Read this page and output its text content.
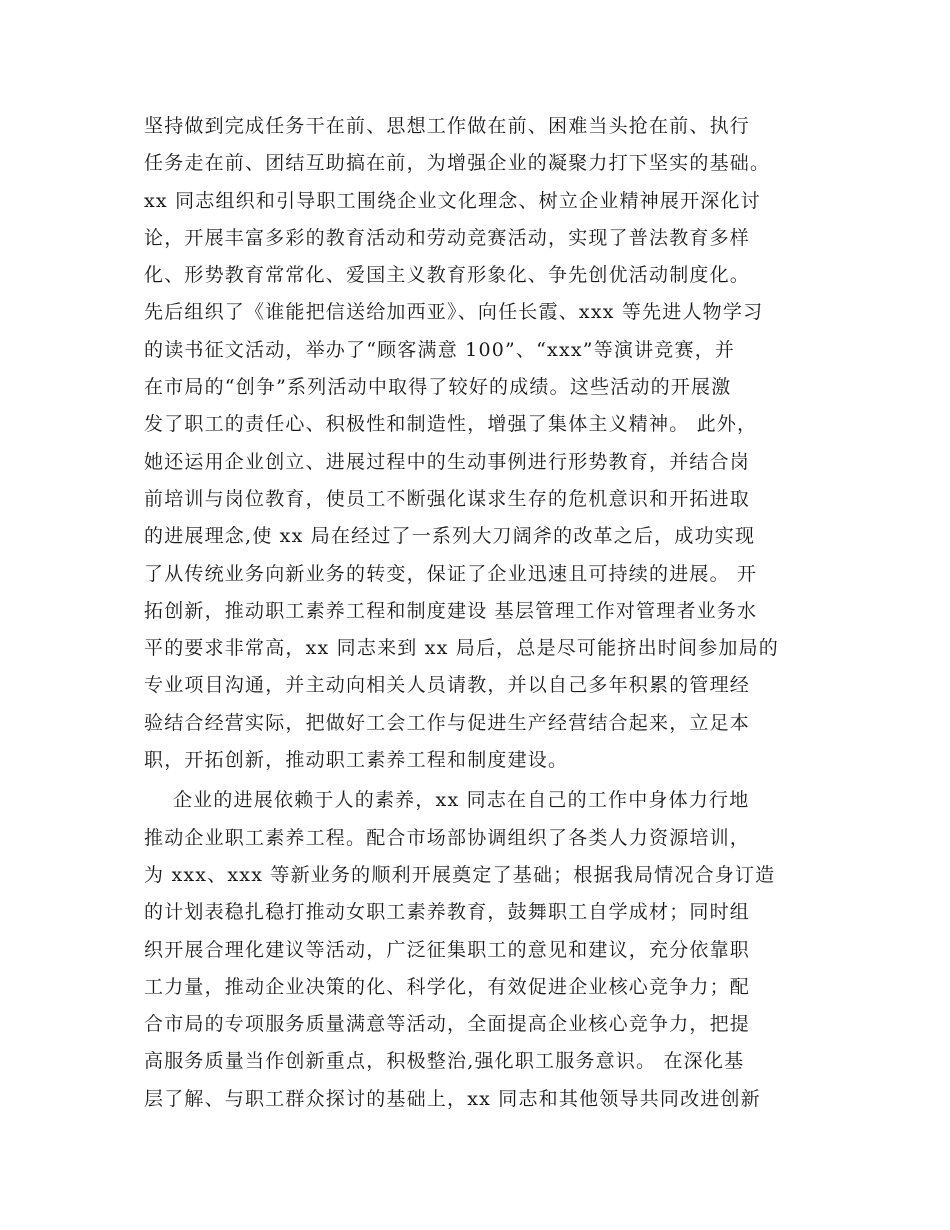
坚持做到完成任务干在前、思想工作做在前、困难当头抢在前、执行
任务走在前、团结互助搞在前，为增强企业的凝聚力打下坚实的基础。
xx 同志组织和引导职工围绕企业文化理念、树立企业精神展开深化讨
论，开展丰富多彩的教育活动和劳动竞赛活动，实现了普法教育多样
化、形势教育常常化、爱国主义教育形象化、争先创优活动制度化。
先后组织了《谁能把信送给加西亚》、向任长霞、xxx 等先进人物学习
的读书征文活动，举办了“顾客满意 100”、“xxx”等演讲竞赛，并
在市局的“创争”系列活动中取得了较好的成绩。这些活动的开展激
发了职工的责任心、积极性和制造性，增强了集体主义精神。 此外，
她还运用企业创立、进展过程中的生动事例进行形势教育，并结合岗
前培训与岗位教育，使员工不断强化谋求生存的危机意识和开拓进取
的进展理念,使 xx 局在经过了一系列大刀阔斧的改革之后，成功实现
了从传统业务向新业务的转变，保证了企业迅速且可持续的进展。 开
拓创新，推动职工素养工程和制度建设 基层管理工作对管理者业务水
平的要求非常高，xx 同志来到 xx 局后，总是尽可能挤出时间参加局的
专业项目沟通，并主动向相关人员请教，并以自己多年积累的管理经
验结合经营实际，把做好工会工作与促进生产经营结合起来，立足本
职，开拓创新，推动职工素养工程和制度建设。
企业的进展依赖于人的素养，xx 同志在自己的工作中身体力行地
推动企业职工素养工程。配合市场部协调组织了各类人力资源培训，
为 xxx、xxx 等新业务的顺利开展奠定了基础；根据我局情况合身订造
的计划表稳扎稳打推动女职工素养教育，鼓舞职工自学成材；同时组
织开展合理化建议等活动，广泛征集职工的意见和建议，充分依靠职
工力量，推动企业决策的化、科学化，有效促进企业核心竞争力；配
合市局的专项服务质量满意等活动，全面提高企业核心竞争力，把提
高服务质量当作创新重点，积极整治,强化职工服务意识。 在深化基
层了解、与职工群众探讨的基础上，xx 同志和其他领导共同改进创新
